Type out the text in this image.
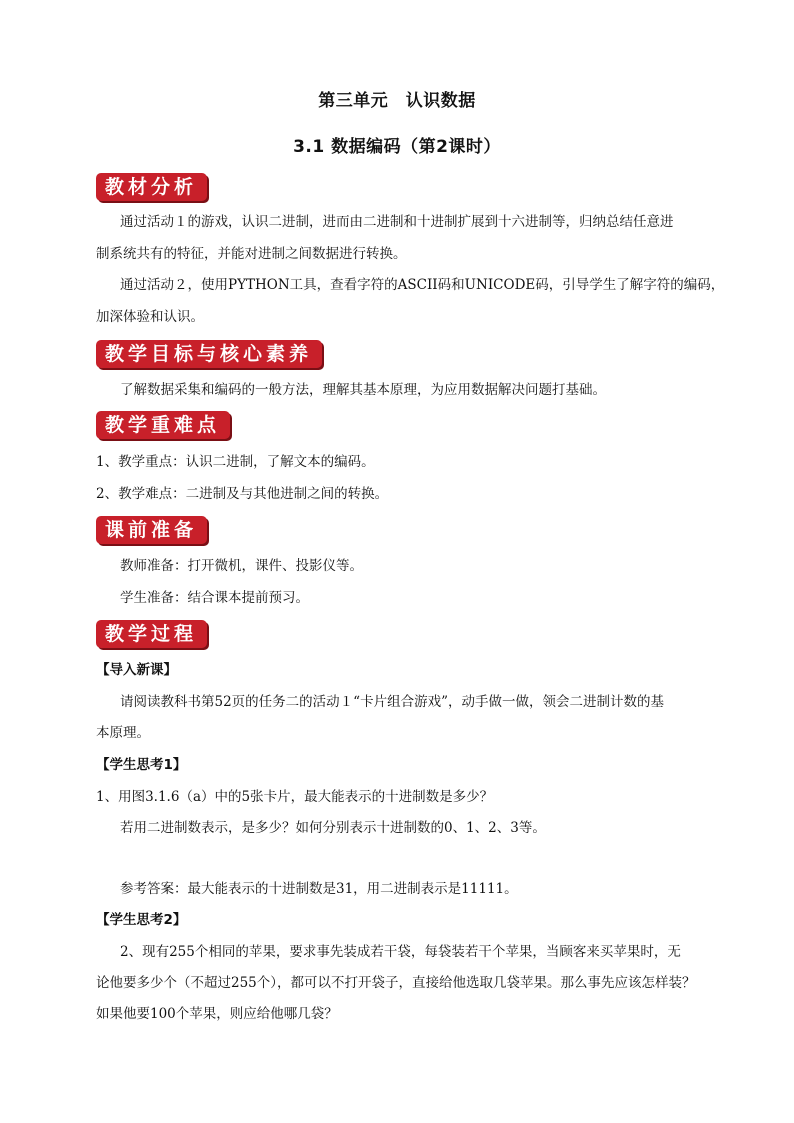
第三单元　认识数据
3.1 数据编码（第2课时）
教材分析
通过活动１的游戏，认识二进制，进而由二进制和十进制扩展到十六进制等，归纳总结任意进
制系统共有的特征，并能对进制之间数据进行转换。
通过活动２，使用PYTHON工具，查看字符的ASCII码和UNICODE码，引导学生了解字符的编码，
加深体验和认识。
教学目标与核心素养
了解数据采集和编码的一般方法，理解其基本原理，为应用数据解决问题打基础。
教学重难点
1、教学重点：认识二进制，了解文本的编码。
2、教学难点：二进制及与其他进制之间的转换。
课前准备
教师准备：打开微机，课件、投影仪等。
学生准备：结合课本提前预习。
教学过程
【导入新课】
请阅读教科书第52页的任务二的活动１“卡片组合游戏”，动手做一做，领会二进制计数的基
本原理。
【学生思考1】
1、用图3.1.6（a）中的5张卡片，最大能表示的十进制数是多少？
若用二进制数表示，是多少？如何分别表示十进制数的0、1、2、3等。
参考答案：最大能表示的十进制数是31，用二进制表示是11111。
【学生思考2】
2、现有255个相同的苹果，要求事先装成若干袋，每袋装若干个苹果，当顾客来买苹果时，无
论他要多少个（不超过255个），都可以不打开袋子，直接给他选取几袋苹果。那么事先应该怎样装？
如果他要100个苹果，则应给他哪几袋？
